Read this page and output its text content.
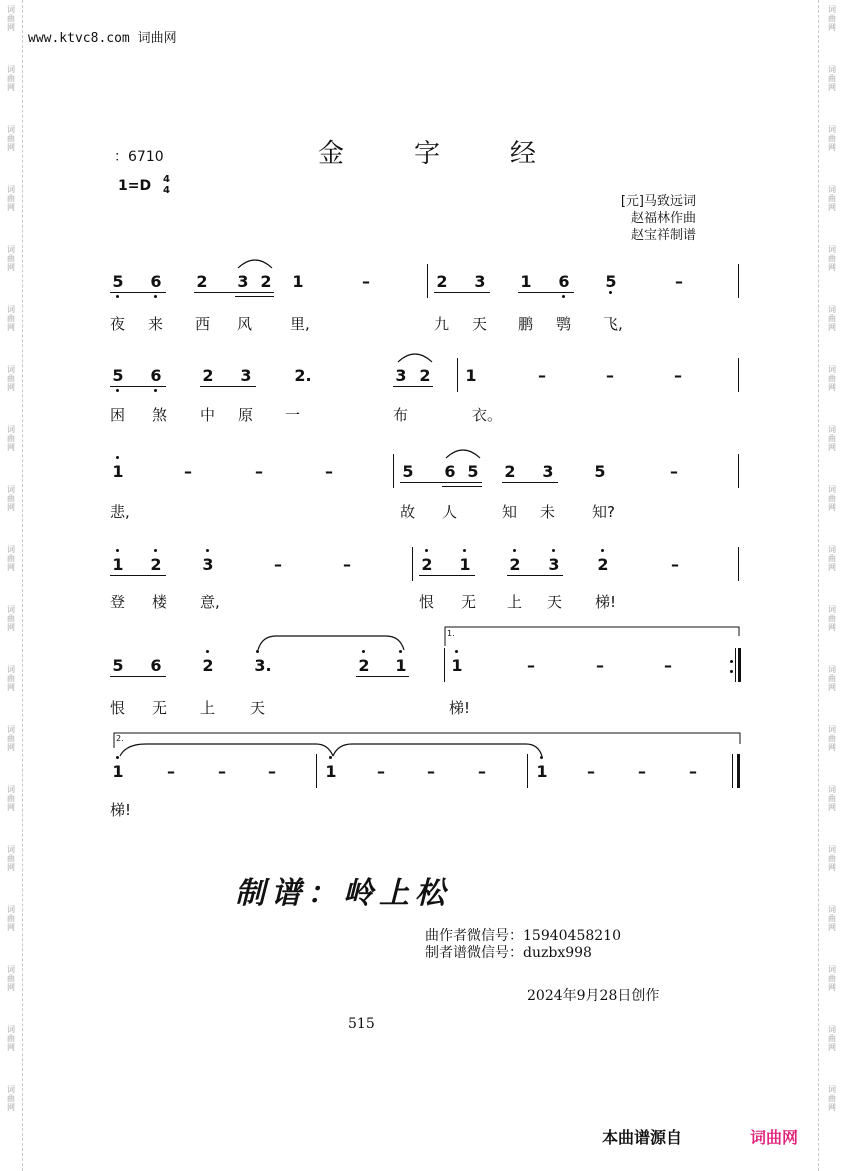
词
曲
网
词
曲
网
词
曲
网
词
曲
网
词
曲
网
词
曲
网
词
曲
网
词
曲
网
词
曲
网
词
曲
网
词
曲
网
词
曲
网
词
曲
网
词
曲
网
词
曲
网
词
曲
网
词
曲
网
词
曲
网
词
曲
网
词
曲
网
词
曲
网
词
曲
网
词
曲
网
词
曲
网
词
曲
网
词
曲
网
词
曲
网
词
曲
网
词
曲
网
词
曲
网
词
曲
网
词
曲
网
词
曲
网
词
曲
网
词
曲
网
词
曲
网
词
曲
网
词
曲
网
www.ktvc8.com 词曲网
金	字	经
：6710
1=D 4
4
[元]马致远词
赵福林作曲
赵宝祥制谱
5 6 2 3 2 1	–	2 3 1 6 5	–
夜 来 西 风	里,	九 天 鹏 鹗 飞,
5 6	2 3	2.	3 2 1	–	–	–
困 煞 中 原 一	布	衣。
1	–	–	–	5 6 5 2 3	5	–
悲,	故 人	知 未 知?
1 2	3	–	–	2 1 2 3 2	–
登 楼 意,	恨 无 上 天 梯!
5 6	2	3.	2 1
1.
1	–	–	–
恨 无 上 天	梯!
2.
1	–	–	–	1	–	–	–	1 –	–	–
梯!
制谱：岭上松
曲作者微信号：15940458210
制者谱微信号：duzbx998
2024年9月28日创作
515
本曲谱源自	词曲网
